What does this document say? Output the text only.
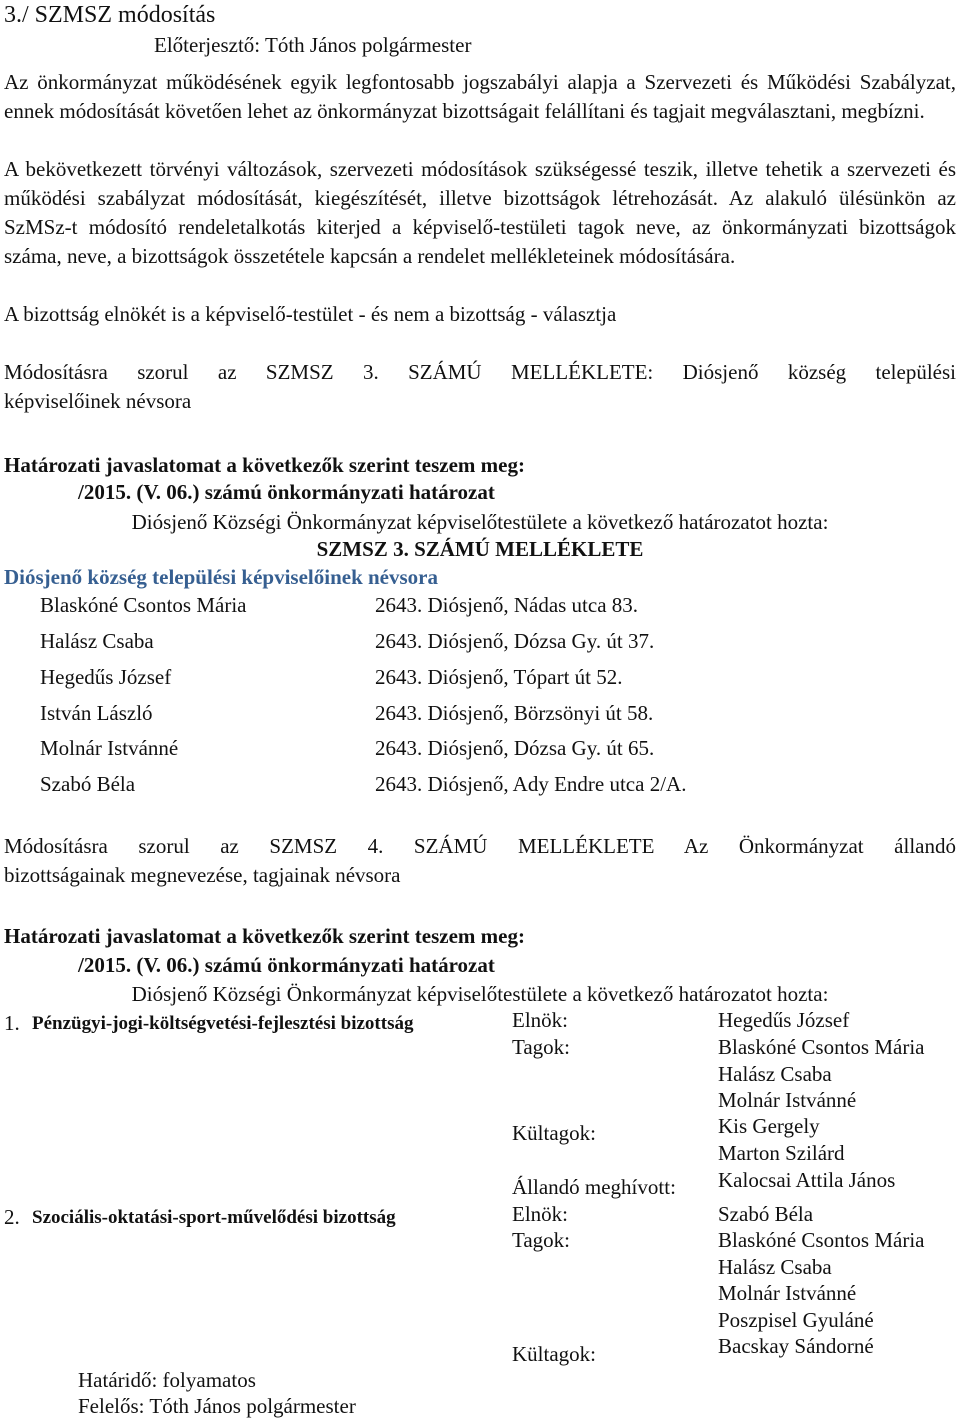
3./ SZMSZ módosítás
Előterjesztő: Tóth János polgármester
Az önkormányzat működésének egyik legfontosabb jogszabályi alapja a Szervezeti és Működési Szabályzat, ennek módosítását követően lehet az önkormányzat bizottságait felállítani és tagjait megválasztani, megbízni.
A bekövetkezett törvényi változások, szervezeti módosítások szükségessé teszik, illetve tehetik a szervezeti és működési szabályzat módosítását, kiegészítését, illetve bizottságok létrehozását. Az alakuló ülésünkön az SzMSz-t módosító rendeletalkotás kiterjed a képviselő-testületi tagok neve, az önkormányzati bizottságok száma, neve, a bizottságok összetétele kapcsán a rendelet mellékleteinek módosítására.
A bizottság elnökét is a képviselő-testület - és nem a bizottság - választja
Módosításra szorul az SZMSZ 3. SZÁMÚ MELLÉKLETE: Diósjenő község települési
képviselőinek névsora
Határozati javaslatomat a következők szerint teszem meg:
/2015. (V. 06.) számú önkormányzati határozat
Diósjenő Községi Önkormányzat képviselőtestülete a következő határozatot hozta:
SZMSZ 3. SZÁMÚ MELLÉKLETE
Diósjenő község települési képviselőinek névsora
Blaskóné Csontos Mária	2643. Diósjenő, Nádas utca 83.
Halász Csaba	2643. Diósjenő, Dózsa Gy. út 37.
Hegedűs József	2643. Diósjenő, Tópart út 52.
István László	2643. Diósjenő, Börzsönyi út 58.
Molnár Istvánné	2643. Diósjenő, Dózsa Gy. út 65.
Szabó Béla	2643. Diósjenő, Ady Endre utca 2/A.
Módosításra szorul az SZMSZ 4. SZÁMÚ MELLÉKLETE Az Önkormányzat állandó
bizottságainak megnevezése, tagjainak névsora
Határozati javaslatomat a következők szerint teszem meg:
/2015. (V. 06.) számú önkormányzati határozat
Diósjenő Községi Önkormányzat képviselőtestülete a következő határozatot hozta:
1. Pénzügyi-jogi-költségvetési-fejlesztési bizottság	Elnök:	Hegedűs József
Tagok:	Blaskóné Csontos Mária
Halász Csaba
Molnár Istvánné
Kültagok:	Kis Gergely
Marton Szilárd
Állandó meghívott: Kalocsai Attila János
2. Szociális-oktatási-sport-művelődési bizottság	Elnök:	Szabó Béla
Tagok:	Blaskóné Csontos Mária
Halász Csaba
Molnár Istvánné
Poszpisel Gyuláné
Kültagok:	Bacskay Sándorné
Határidő: folyamatos
Felelős: Tóth János polgármester
